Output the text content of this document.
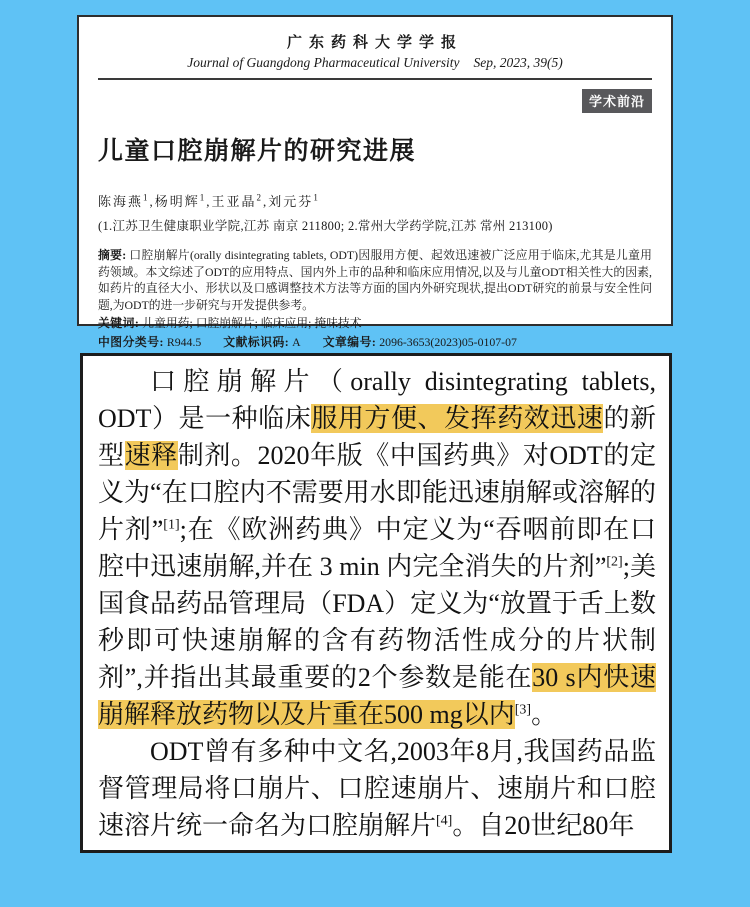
广东药科大学学报
Journal of Guangdong Pharmaceutical University Sep, 2023, 39(5)
学术前沿
儿童口腔崩解片的研究进展
陈海燕$^1$,杨明辉$^1$,王亚晶$^2$,刘元芬$^1$
(1.江苏卫生健康职业学院,江苏 南京 211800; 2.常州大学药学院,江苏 常州 213100)
摘要: 口腔崩解片(orally disintegrating tablets, ODT)因服用方便、起效迅速被广泛应用于临床,尤其是儿童用药领域。本文综述了ODT的应用特点、国内外上市的品种和临床应用情况,以及与儿童ODT相关性大的因素,如药片的直径大小、形状以及口感调整技术方法等方面的国内外研究现状,提出ODT研究的前景与安全性问题,为ODT的进一步研究与开发提供参考。
关键词: 儿童用药; 口腔崩解片; 临床应用; 掩味技术
中图分类号: R944.5 文献标识码: A 文章编号: 2096-3653(2023)05-0107-07

口腔崩解片（orally disintegrating tablets, ODT）是一种临床服用方便、发挥药效迅速的新型速释制剂。2020年版《中国药典》对ODT的定义为“在口腔内不需要用水即能迅速崩解或溶解的片剂”[1];在《欧洲药典》中定义为“吞咽前即在口腔中迅速崩解,并在 3 min 内完全消失的片剂”[2];美国食品药品管理局（FDA）定义为“放置于舌上数秒即可快速崩解的含有药物活性成分的片状制剂”,并指出其最重要的2个参数是能在30 s内快速崩解释放药物以及片重在500 mg以内[3]。

ODT曾有多种中文名,2003年8月,我国药品监督管理局将口崩片、口腔速崩片、速崩片和口腔速溶片统一命名为口腔崩解片[4]。自20世纪80年
